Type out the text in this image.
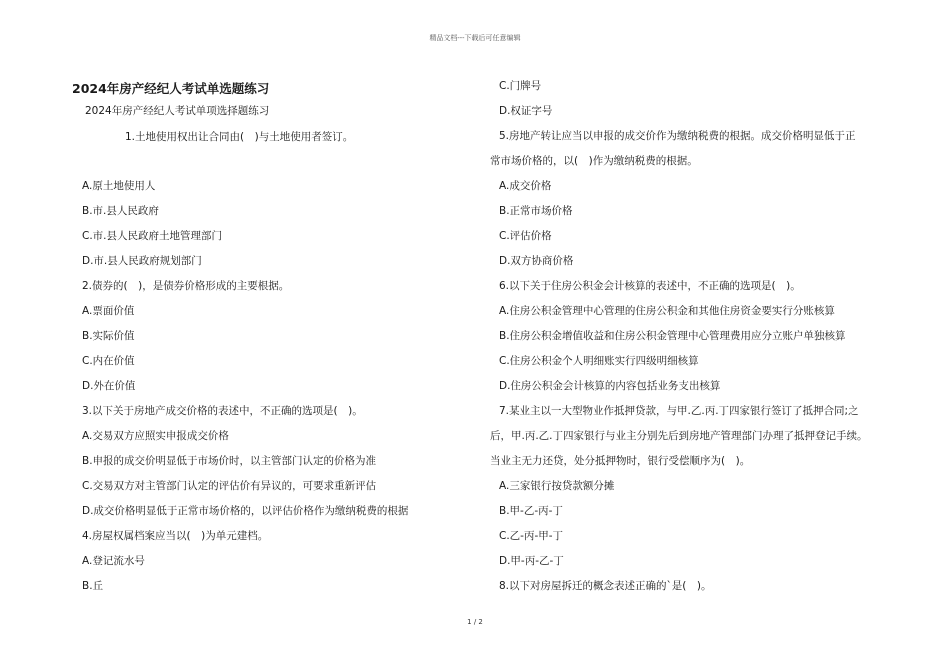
精品文档---下载后可任意编辑
2024年房产经纪人考试单选题练习
2024年房产经纪人考试单项选择题练习
1.土地使用权出让合同由(　)与土地使用者签订。
A.原土地使用人
B.市.县人民政府
C.市.县人民政府土地管理部门
D.市.县人民政府规划部门
2.债券的(　)，是债券价格形成的主要根据。
A.票面价值
B.实际价值
C.内在价值
D.外在价值
3.以下关于房地产成交价格的表述中，不正确的选项是(　)。
A.交易双方应照实申报成交价格
B.申报的成交价明显低于市场价时，以主管部门认定的价格为准
C.交易双方对主管部门认定的评估价有异议的，可要求重新评估
D.成交价格明显低于正常市场价格的，以评估价格作为缴纳税费的根据
4.房屋权属档案应当以(　)为单元建档。
A.登记流水号
B.丘
C.门牌号
D.权证字号
5.房地产转让应当以申报的成交价作为缴纳税费的根据。成交价格明显低于正
常市场价格的，以(　)作为缴纳税费的根据。
A.成交价格
B.正常市场价格
C.评估价格
D.双方协商价格
6.以下关于住房公积金会计核算的表述中，不正确的选项是(　)。
A.住房公积金管理中心管理的住房公积金和其他住房资金要实行分账核算
B.住房公积金增值收益和住房公积金管理中心管理费用应分立账户单独核算
C.住房公积金个人明细账实行四级明细核算
D.住房公积金会计核算的内容包括业务支出核算
7.某业主以一大型物业作抵押贷款，与甲.乙.丙.丁四家银行签订了抵押合同;之
后，甲.丙.乙.丁四家银行与业主分别先后到房地产管理部门办理了抵押登记手续。
当业主无力还贷，处分抵押物时，银行受偿顺序为(　)。
A.三家银行按贷款额分摊
B.甲-乙-丙-丁
C.乙-丙-甲-丁
D.甲-丙-乙-丁
8.以下对房屋拆迁的概念表述正确的`是(　)。
1 / 2
